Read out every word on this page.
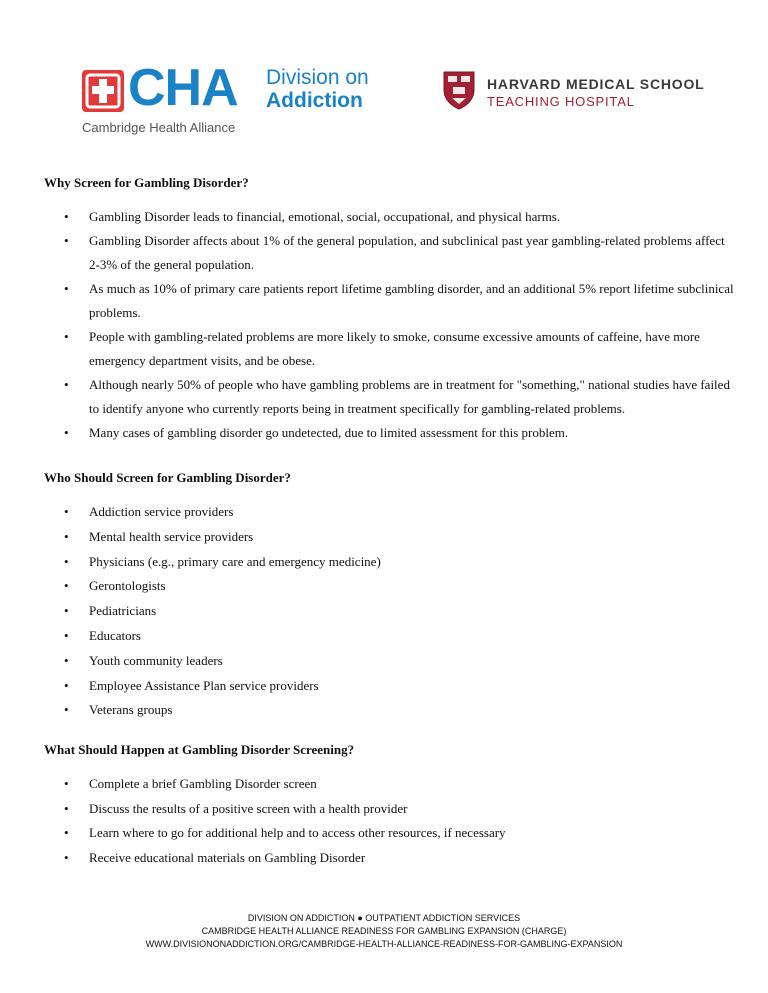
CHA Division on
Addiction
Cambridge Health Alliance
HARVARD MEDICAL SCHOOL
TEACHING HOSPITAL
Why Screen for Gambling Disorder?
• Gambling Disorder leads to financial, emotional, social, occupational, and physical harms.
• Gambling Disorder affects about 1% of the general population, and subclinical past year gambling-related problems affect 2-3% of the general population.
• As much as 10% of primary care patients report lifetime gambling disorder, and an additional 5% report lifetime subclinical problems.
• People with gambling-related problems are more likely to smoke, consume excessive amounts of caffeine, have more emergency department visits, and be obese.
• Although nearly 50% of people who have gambling problems are in treatment for "something," national studies have failed to identify anyone who currently reports being in treatment specifically for gambling-related problems.
• Many cases of gambling disorder go undetected, due to limited assessment for this problem.
Who Should Screen for Gambling Disorder?
• Addiction service providers
• Mental health service providers
• Physicians (e.g., primary care and emergency medicine)
• Gerontologists
• Pediatricians
• Educators
• Youth community leaders
• Employee Assistance Plan service providers
• Veterans groups
What Should Happen at Gambling Disorder Screening?
• Complete a brief Gambling Disorder screen
• Discuss the results of a positive screen with a health provider
• Learn where to go for additional help and to access other resources, if necessary
• Receive educational materials on Gambling Disorder
DIVISION ON ADDICTION ● OUTPATIENT ADDICTION SERVICES
CAMBRIDGE HEALTH ALLIANCE READINESS FOR GAMBLING EXPANSION (CHARGE)
WWW.DIVISIONONADDICTION.ORG/CAMBRIDGE-HEALTH-ALLIANCE-READINESS-FOR-GAMBLING-EXPANSION
